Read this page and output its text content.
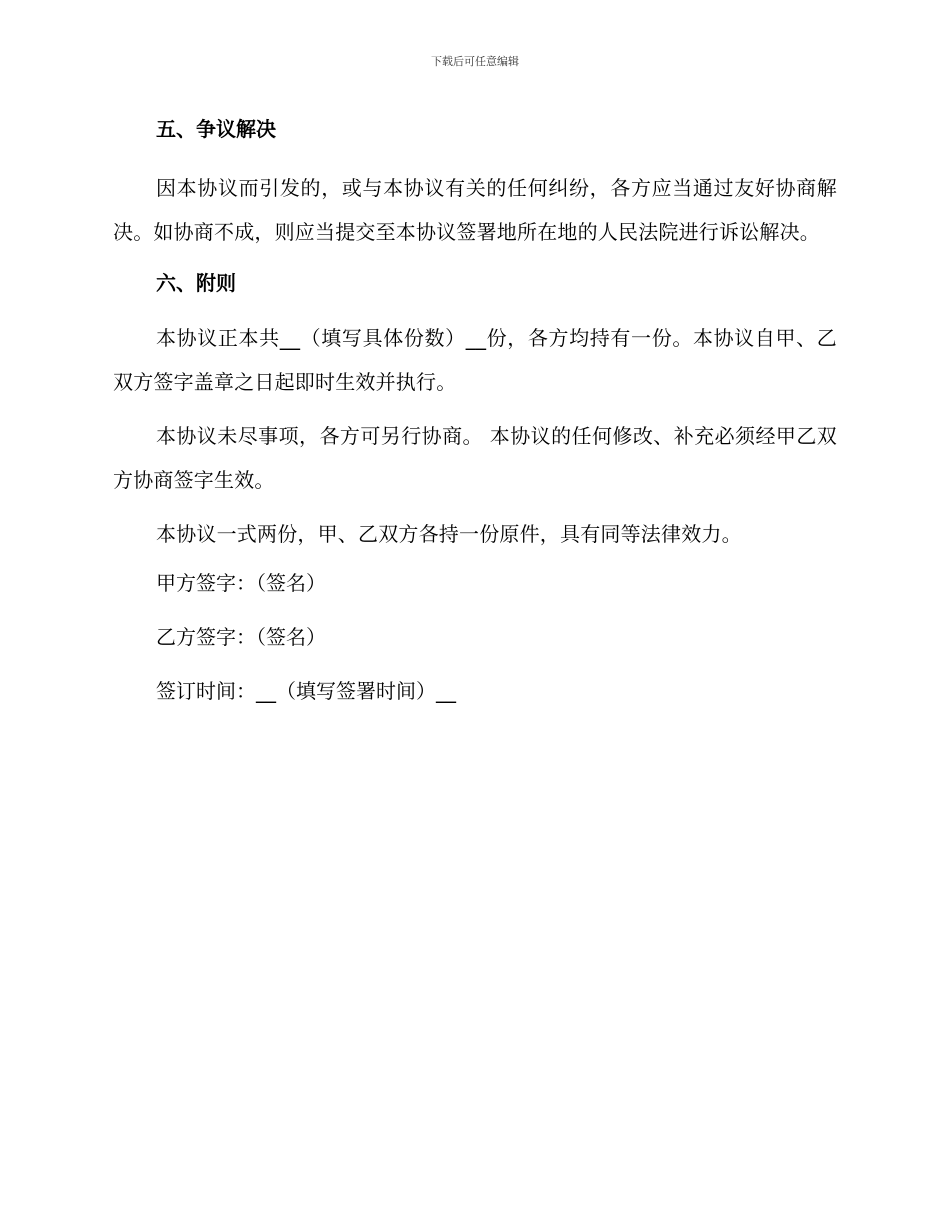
下载后可任意编辑
五、争议解决

因本协议而引发的，或与本协议有关的任何纠纷，各方应当通过友好协商解决。如协商不成，则应当提交至本协议签署地所在地的人民法院进行诉讼解决。

六、附则

本协议正本共__（填写具体份数）__份，各方均持有一份。本协议自甲、乙双方签字盖章之日起即时生效并执行。

本协议未尽事项，各方可另行协商。 本协议的任何修改、补充必须经甲乙双方协商签字生效。

本协议一式两份，甲、乙双方各持一份原件，具有同等法律效力。

甲方签字：（签名）

乙方签字：（签名）

签订时间：__（填写签署时间）__
